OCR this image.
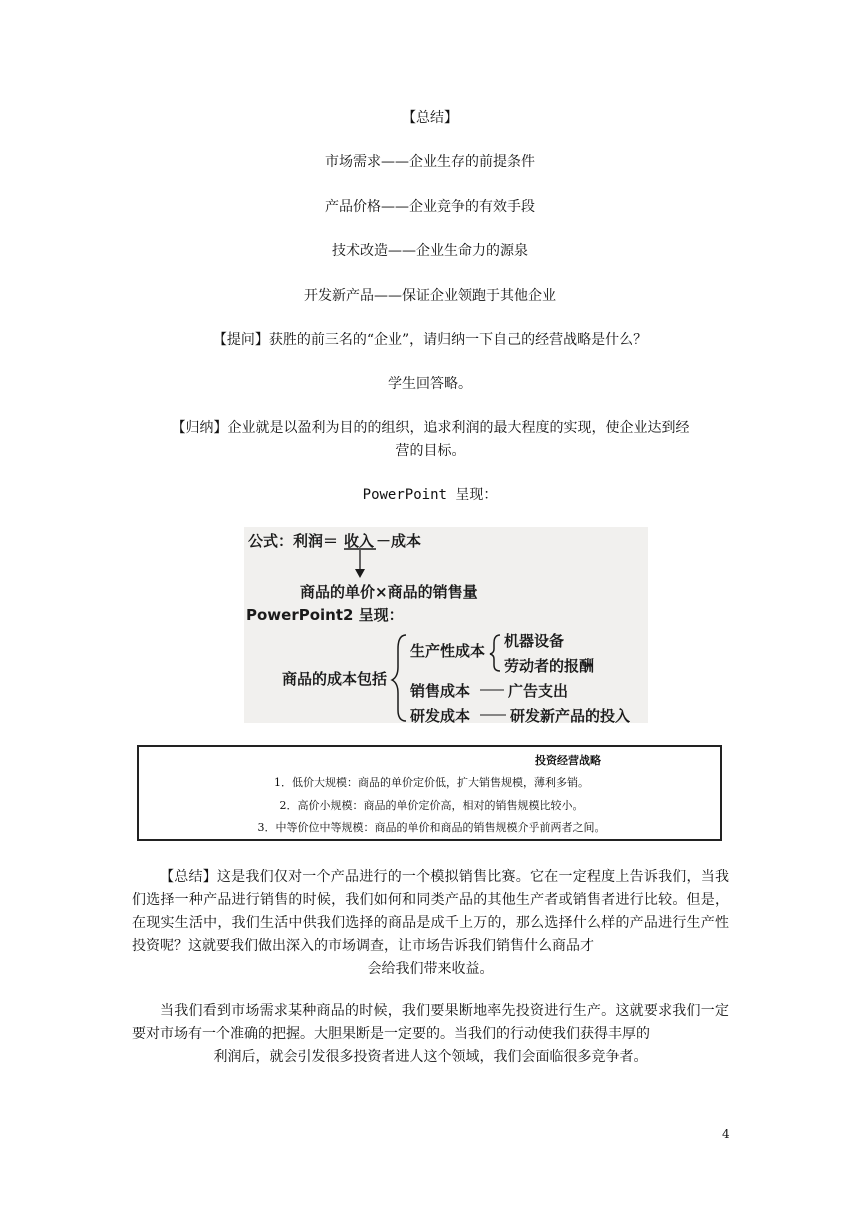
【总结】
市场需求——企业生存的前提条件
产品价格——企业竞争的有效手段
技术改造——企业生命力的源泉
开发新产品——保证企业领跑于其他企业
【提问】获胜的前三名的“企业”，请归纳一下自己的经营战略是什么？
学生回答略。
【归纳】企业就是以盈利为目的的组织，追求利润的最大程度的实现，使企业达到经
营的目标。
PowerPoint 呈现：
公式：利润＝ 收入 －成本
商品的单价×商品的销售量
PowerPoint2 呈现：
商品的成本包括
生产性成本
机器设备
劳动者的报酬
销售成本	广告支出
研发成本	研发新产品的投入
投资经营战略
1．低价大规模：商品的单价定价低，扩大销售规模，薄利多销。
2．高价小规模：商品的单价定价高，相对的销售规模比较小。
3．中等价位中等规模：商品的单价和商品的销售规模介乎前两者之间。
【总结】这是我们仅对一个产品进行的一个模拟销售比赛。它在一定程度上告诉我们，当我们选择一种产品进行销售的时候，我们如何和同类产品的其他生产者或销售者进行比较。但是，在现实生活中，我们生活中供我们选择的商品是成千上万的，那么选择什么样的产品进行生产性投资呢？这就要我们做出深入的市场调查，让市场告诉我们销售什么商品才
会给我们带来收益。
当我们看到市场需求某种商品的时候，我们要果断地率先投资进行生产。这就要求我们一定要对市场有一个准确的把握。大胆果断是一定要的。当我们的行动使我们获得丰厚的
利润后，就会引发很多投资者进人这个领域，我们会面临很多竞争者。
4
